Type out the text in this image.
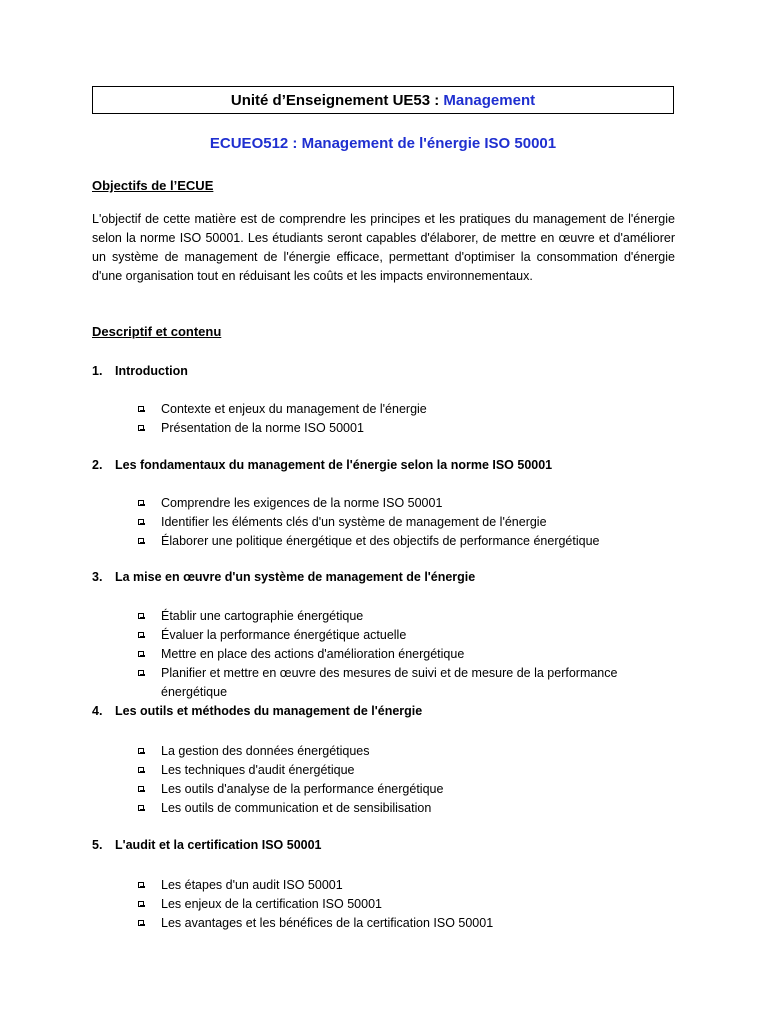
Unité d’Enseignement UE53 : Management
ECUEO512 : Management de l'énergie ISO 50001
Objectifs de l’ECUE
L'objectif de cette matière est de comprendre les principes et les pratiques du management de l'énergie selon la norme ISO 50001. Les étudiants seront capables d'élaborer, de mettre en œuvre et d'améliorer un système de management de l'énergie efficace, permettant d'optimiser la consommation d'énergie d'une organisation tout en réduisant les coûts et les impacts environnementaux.
Descriptif et contenu
1. Introduction
Contexte et enjeux du management de l'énergie
Présentation de la norme ISO 50001
2. Les fondamentaux du management de l'énergie selon la norme ISO 50001
Comprendre les exigences de la norme ISO 50001
Identifier les éléments clés d'un système de management de l'énergie
Élaborer une politique énergétique et des objectifs de performance énergétique
3. La mise en œuvre d'un système de management de l'énergie
Établir une cartographie énergétique
Évaluer la performance énergétique actuelle
Mettre en place des actions d'amélioration énergétique
Planifier et mettre en œuvre des mesures de suivi et de mesure de la performance énergétique
4. Les outils et méthodes du management de l'énergie
La gestion des données énergétiques
Les techniques d'audit énergétique
Les outils d'analyse de la performance énergétique
Les outils de communication et de sensibilisation
5. L'audit et la certification ISO 50001
Les étapes d'un audit ISO 50001
Les enjeux de la certification ISO 50001
Les avantages et les bénéfices de la certification ISO 50001
